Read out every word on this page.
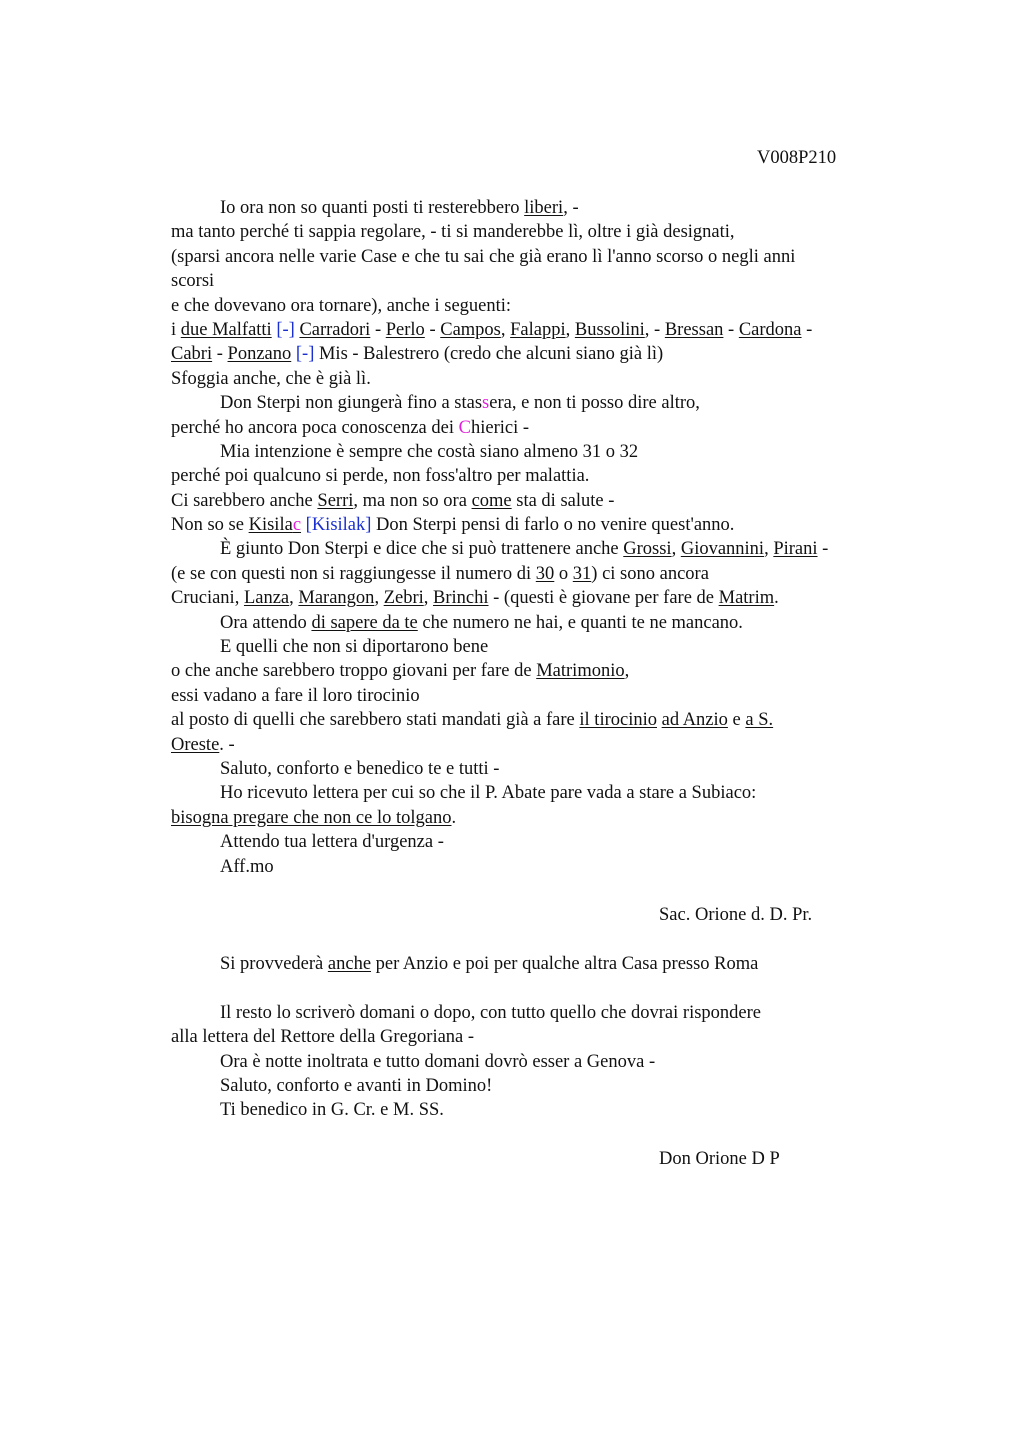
V008P210
Io ora non so quanti posti ti resterebbero liberi, -
ma tanto perché ti sappia regolare, - ti si manderebbe lì, oltre i già designati,
(sparsi ancora nelle varie Case e che tu sai che già erano lì l'anno scorso o negli anni
scorsi
e che dovevano ora tornare), anche i seguenti:
i due Malfatti [-] Carradori - Perlo - Campos, Falappi, Bussolini, - Bressan - Cardona -
Cabri - Ponzano [-] Mis - Balestrero (credo che alcuni siano già lì)
Sfoggia anche, che è già lì.
Don Sterpi non giungerà fino a stassera, e non ti posso dire altro,
perché ho ancora poca conoscenza dei Chierici -
Mia intenzione è sempre che costà siano almeno 31 o 32
perché poi qualcuno si perde, non foss'altro per malattia.
Ci sarebbero anche Serri, ma non so ora come sta di salute -
Non so se Kisilac [Kisilak] Don Sterpi pensi di farlo o no venire quest'anno.
È giunto Don Sterpi e dice che si può trattenere anche Grossi, Giovannini, Pirani -
(e se con questi non si raggiungesse il numero di 30 o 31) ci sono ancora
Cruciani, Lanza, Marangon, Zebri, Brinchi - (questi è giovane per fare de Matrim.
Ora attendo di sapere da te che numero ne hai, e quanti te ne mancano.
E quelli che non si diportarono bene
o che anche sarebbero troppo giovani per fare de Matrimonio,
essi vadano a fare il loro tirocinio
al posto di quelli che sarebbero stati mandati già a fare il tirocinio ad Anzio e a S.
Oreste. -
Saluto, conforto e benedico te e tutti -
Ho ricevuto lettera per cui so che il P. Abate pare vada a stare a Subiaco:
bisogna pregare che non ce lo tolgano.
Attendo tua lettera d'urgenza -
Aff.mo
Sac. Orione d. D. Pr.
Si provvederà anche per Anzio e poi per qualche altra Casa presso Roma
Il resto lo scriverò domani o dopo, con tutto quello che dovrai rispondere
alla lettera del Rettore della Gregoriana -
Ora è notte inoltrata e tutto domani dovrò esser a Genova -
Saluto, conforto e avanti in Domino!
Ti benedico in G. Cr. e M. SS.
Don Orione D P
